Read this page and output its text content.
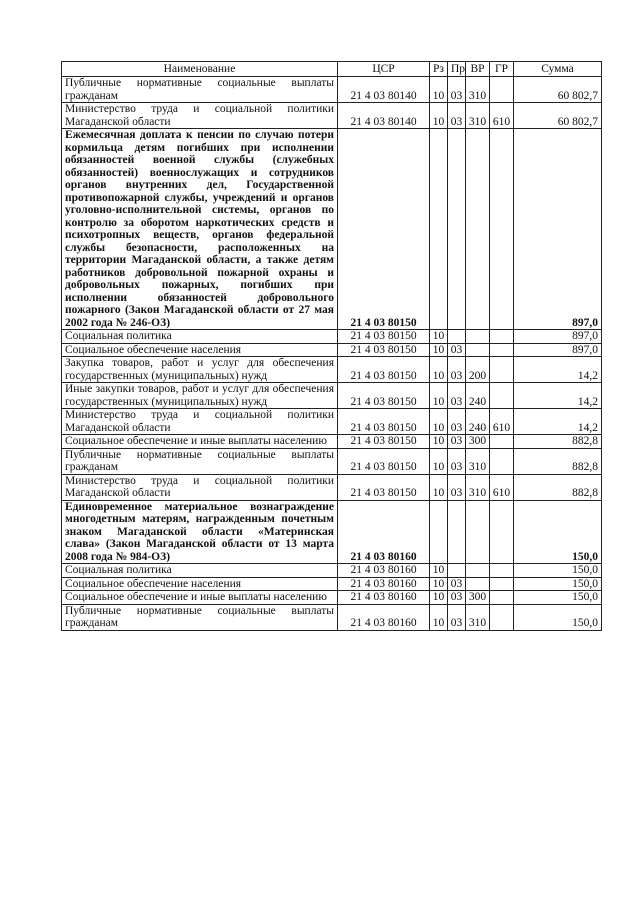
Наименование	ЦСР	Рз	Пр	ВР	ГР	Сумма
Публичные нормативные социальные выплаты гражданам	21 4 03 80140	10	03	310		60 802,7
Министерство труда и социальной политики Магаданской области	21 4 03 80140	10	03	310	610	60 802,7
Ежемесячная доплата к пенсии по случаю потери кормильца детям погибших при исполнении обязанностей военной службы (служебных обязанностей) военнослужащих и сотрудников органов внутренних дел, Государственной противопожарной службы, учреждений и органов уголовно-исполнительной системы, органов по контролю за оборотом наркотических средств и психотропных веществ, органов федеральной службы безопасности, расположенных на территории Магаданской области, а также детям работников добровольной пожарной охраны и добровольных пожарных, погибших при исполнении обязанностей добровольного пожарного (Закон Магаданской области от 27 мая 2002 года № 246-ОЗ)	21 4 03 80150					897,0
Социальная политика	21 4 03 80150	10				897,0
Социальное обеспечение населения	21 4 03 80150	10	03			897,0
Закупка товаров, работ и услуг для обеспечения государственных (муниципальных) нужд	21 4 03 80150	10	03	200		14,2
Иные закупки товаров, работ и услуг для обеспечения государственных (муниципальных) нужд	21 4 03 80150	10	03	240		14,2
Министерство труда и социальной политики Магаданской области	21 4 03 80150	10	03	240	610	14,2
Социальное обеспечение и иные выплаты населению	21 4 03 80150	10	03	300		882,8
Публичные нормативные социальные выплаты гражданам	21 4 03 80150	10	03	310		882,8
Министерство труда и социальной политики Магаданской области	21 4 03 80150	10	03	310	610	882,8
Единовременное материальное вознаграждение многодетным матерям, награжденным почетным знаком Магаданской области «Материнская слава» (Закон Магаданской области от 13 марта 2008 года № 984-ОЗ)	21 4 03 80160					150,0
Социальная политика	21 4 03 80160	10				150,0
Социальное обеспечение населения	21 4 03 80160	10	03			150,0
Социальное обеспечение и иные выплаты населению	21 4 03 80160	10	03	300		150,0
Публичные нормативные социальные выплаты гражданам	21 4 03 80160	10	03	310		150,0
